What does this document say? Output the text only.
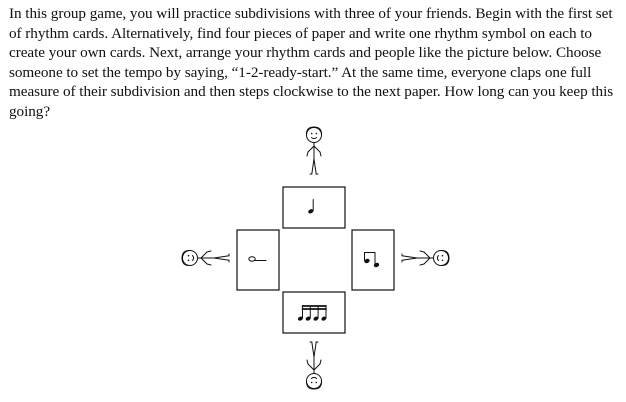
In this group game, you will practice subdivisions with three of your friends. Begin with the first set of rhythm cards. Alternatively, find four pieces of paper and write one rhythm symbol on each to create your own cards. Next, arrange your rhythm cards and people like the picture below. Choose someone to set the tempo by saying, “1-2-ready-start.” At the same time, everyone claps one full measure of their subdivision and then steps clockwise to the next paper. How long can you keep this going?
